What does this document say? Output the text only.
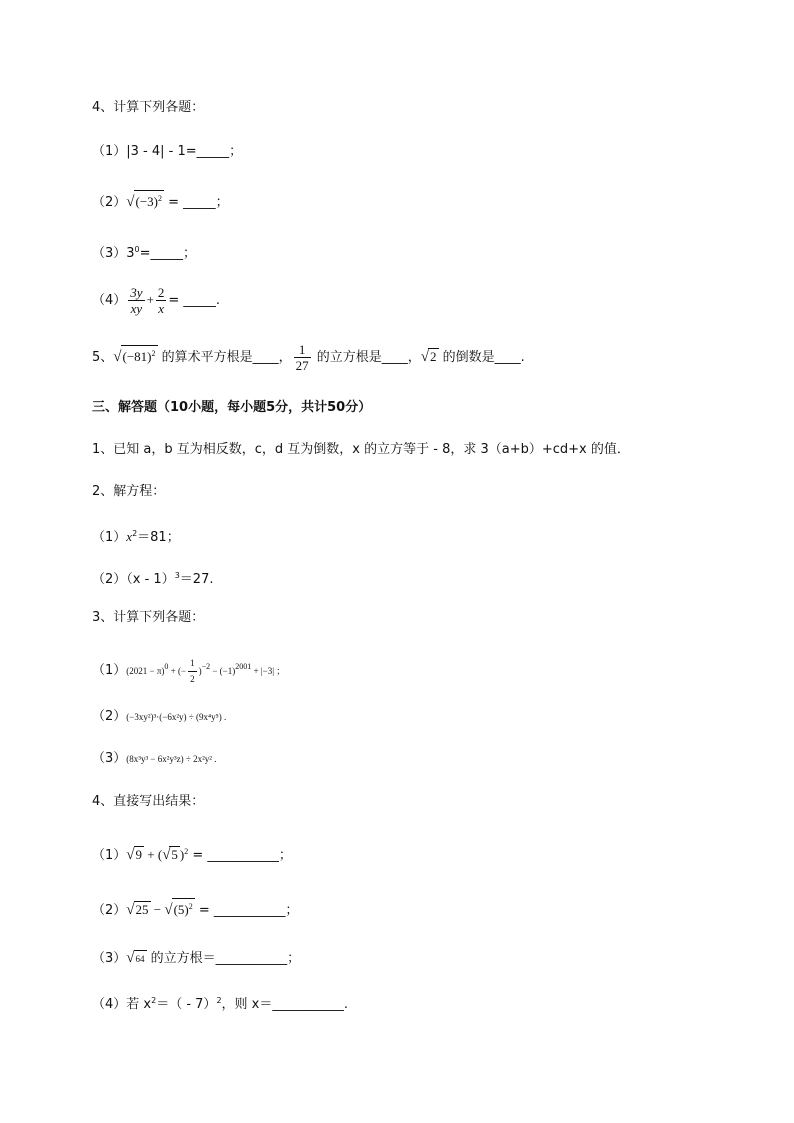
4、计算下列各题：
（1）|3 - 4| - 1=_____；
$(2)√(-3)^2$ = _____；
$(3)3^0=\_\_\_\_\_$；
$(4) \frac{3y}{xy} + \frac{2}{x}$ = _____.
5、$√(-81)^2$ 的算术平方根是____， $\frac{1}{27}$ 的立方根是____，√2 的倒数是____.
三、解答题（10小题，每小题5分，共计50分）
1、已知 a，b 互为相反数，c，d 互为倒数，x 的立方等于 - 8，求 3（a+b）+cd+x 的值．
2、解方程：
$(1)x^2=81$；
（2）（x - 1）$^3$＝27.
3、计算下列各题：
（1）(2021 − π)0 + (− $\frac{1}{2} )-2 - (-1)2001 + |-3|$ ；
（2）(−3xy²)³·(−6x²y) ÷ (9x⁴y⁵) .
（3）(8x³y³ − 6x²y³z) ÷ 2x²y² .
4、直接写出结果：
（1）√9 + (√5 )$^2$ = ___________；
$(2)√25 - √(5)^2$ = ___________；
（3）√64 的立方根＝___________；
（4）若 $x^2=( - 7)^2$，则 x＝___________.
